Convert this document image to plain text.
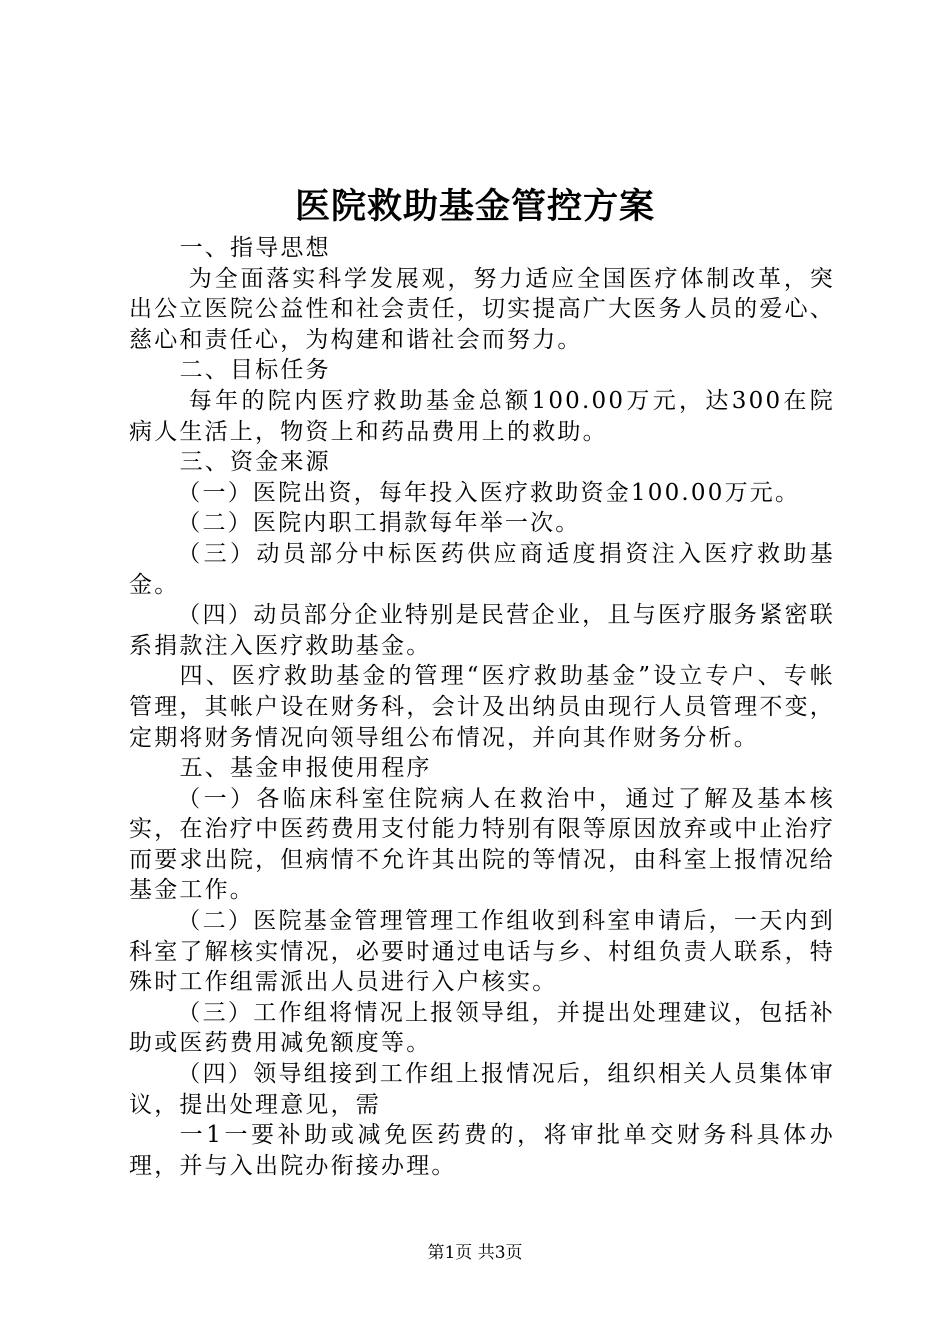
医院救助基金管控方案

一、指导思想

为全面落实科学发展观，努力适应全国医疗体制改革，突出公立医院公益性和社会责任，切实提高广大医务人员的爱心、慈心和责任心，为构建和谐社会而努力。

二、目标任务

每年的院内医疗救助基金总额100.00万元，达300在院病人生活上，物资上和药品费用上的救助。

三、资金来源

（一）医院出资，每年投入医疗救助资金100.00万元。

（二）医院内职工捐款每年举一次。

（三）动员部分中标医药供应商适度捐资注入医疗救助基金。

（四）动员部分企业特别是民营企业，且与医疗服务紧密联系捐款注入医疗救助基金。

四、医疗救助基金的管理“医疗救助基金”设立专户、专帐管理，其帐户设在财务科，会计及出纳员由现行人员管理不变，定期将财务情况向领导组公布情况，并向其作财务分析。

五、基金申报使用程序

（一）各临床科室住院病人在救治中，通过了解及基本核实，在治疗中医药费用支付能力特别有限等原因放弃或中止治疗而要求出院，但病情不允许其出院的等情况，由科室上报情况给基金工作。

（二）医院基金管理管理工作组收到科室申请后，一天内到科室了解核实情况，必要时通过电话与乡、村组负责人联系，特殊时工作组需派出人员进行入户核实。

（三）工作组将情况上报领导组，并提出处理建议，包括补助或医药费用减免额度等。

（四）领导组接到工作组上报情况后，组织相关人员集体审议，提出处理意见，需

一1一要补助或减免医药费的，将审批单交财务科具体办理，并与入出院办衔接办理。

第1页 共3页
